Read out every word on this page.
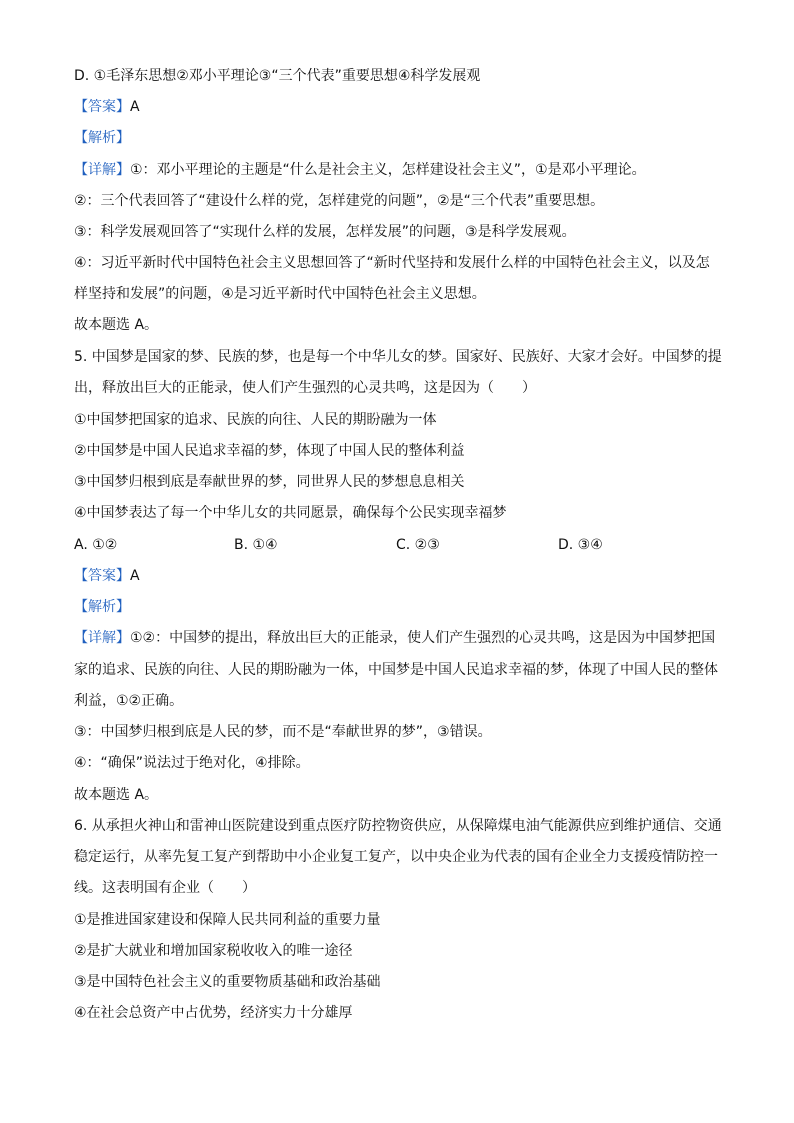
D. ①毛泽东思想②邓小平理论③“三个代表”重要思想④科学发展观
【答案】A
【解析】
【详解】①：邓小平理论的主题是“什么是社会主义，怎样建设社会主义”，①是邓小平理论。
②：三个代表回答了“建设什么样的党，怎样建党的问题”，②是“三个代表”重要思想。
③：科学发展观回答了“实现什么样的发展，怎样发展”的问题，③是科学发展观。
④：习近平新时代中国特色社会主义思想回答了“新时代坚持和发展什么样的中国特色社会主义，以及怎
样坚持和发展”的问题，④是习近平新时代中国特色社会主义思想。
故本题选 A。
5. 中国梦是国家的梦、民族的梦，也是每一个中华儿女的梦。国家好、民族好、大家才会好。中国梦的提
出，释放出巨大的正能录，使人们产生强烈的心灵共鸣，这是因为（　　）
①中国梦把国家的追求、民族的向往、人民的期盼融为一体
②中国梦是中国人民追求幸福的梦，体现了中国人民的整体利益
③中国梦归根到底是奉献世界的梦，同世界人民的梦想息息相关
④中国梦表达了每一个中华儿女的共同愿景，确保每个公民实现幸福梦
A. ①②	B. ①④	C. ②③	D. ③④
【答案】A
【解析】
【详解】①②：中国梦的提出，释放出巨大的正能录，使人们产生强烈的心灵共鸣，这是因为中国梦把国
家的追求、民族的向往、人民的期盼融为一体，中国梦是中国人民追求幸福的梦，体现了中国人民的整体
利益，①②正确。
③：中国梦归根到底是人民的梦，而不是“奉献世界的梦”，③错误。
④：“确保”说法过于绝对化，④排除。
故本题选 A。
6. 从承担火神山和雷神山医院建设到重点医疗防控物资供应，从保障煤电油气能源供应到维护通信、交通
稳定运行，从率先复工复产到帮助中小企业复工复产，以中央企业为代表的国有企业全力支援疫情防控一
线。这表明国有企业（　　）
①是推进国家建设和保障人民共同利益的重要力量
②是扩大就业和增加国家税收收入的唯一途径
③是中国特色社会主义的重要物质基础和政治基础
④在社会总资产中占优势，经济实力十分雄厚
